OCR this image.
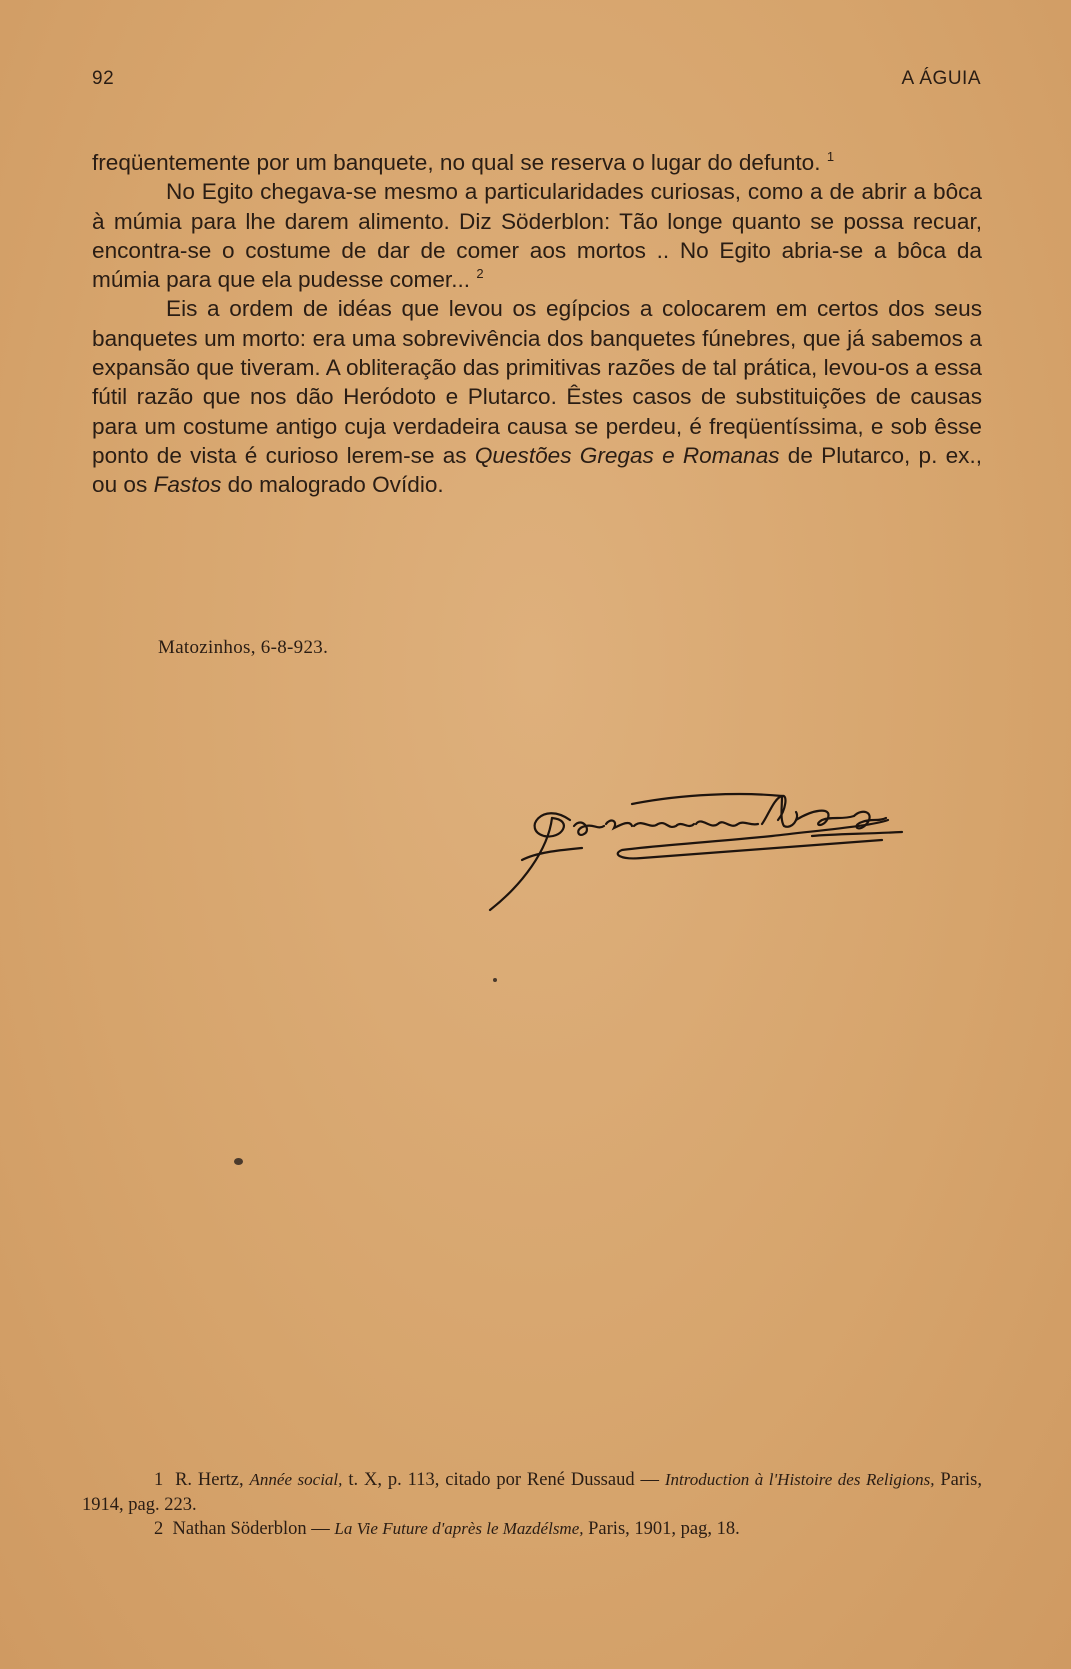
92	A ÁGUIA

freqüentemente por um banquete, no qual se reserva o lugar do defunto. $^1$

No Egito chegava-se mesmo a particularidades curiosas, como a de abrir a bôca à múmia para lhe darem alimento. Diz Söderblon: Tão longe quanto se possa recuar, encontra-se o costume de dar de comer aos mortos .. No Egito abria-se a bôca da múmia para que ela pudesse comer... $^2$

Eis a ordem de idéas que levou os egípcios a colocarem em certos dos seus banquetes um morto: era uma sobrevivência dos banquetes fúnebres, que já sabemos a expansão que tiveram. A obliteração das primitivas razões de tal prática, levou-os a essa fútil razão que nos dão Heródoto e Plutarco. Êstes casos de substituições de causas para um costume antigo cuja verdadeira causa se perdeu, é freqüentíssima, e sob êsse ponto de vista é curioso lerem-se as Questões Gregas e Romanas de Plutarco, p. ex., ou os Fastos do malogrado Ovídio.

Matozinhos, 6-8-923.

1 R. Hertz, Année social, t. X, p. 113, citado por René Dussaud — Introduction à l'Histoire des Religions, Paris, 1914, pag. 223.

2 Nathan Söderblon — La Vie Future d'après le Mazdélsme, Paris, 1901, pag, 18.
